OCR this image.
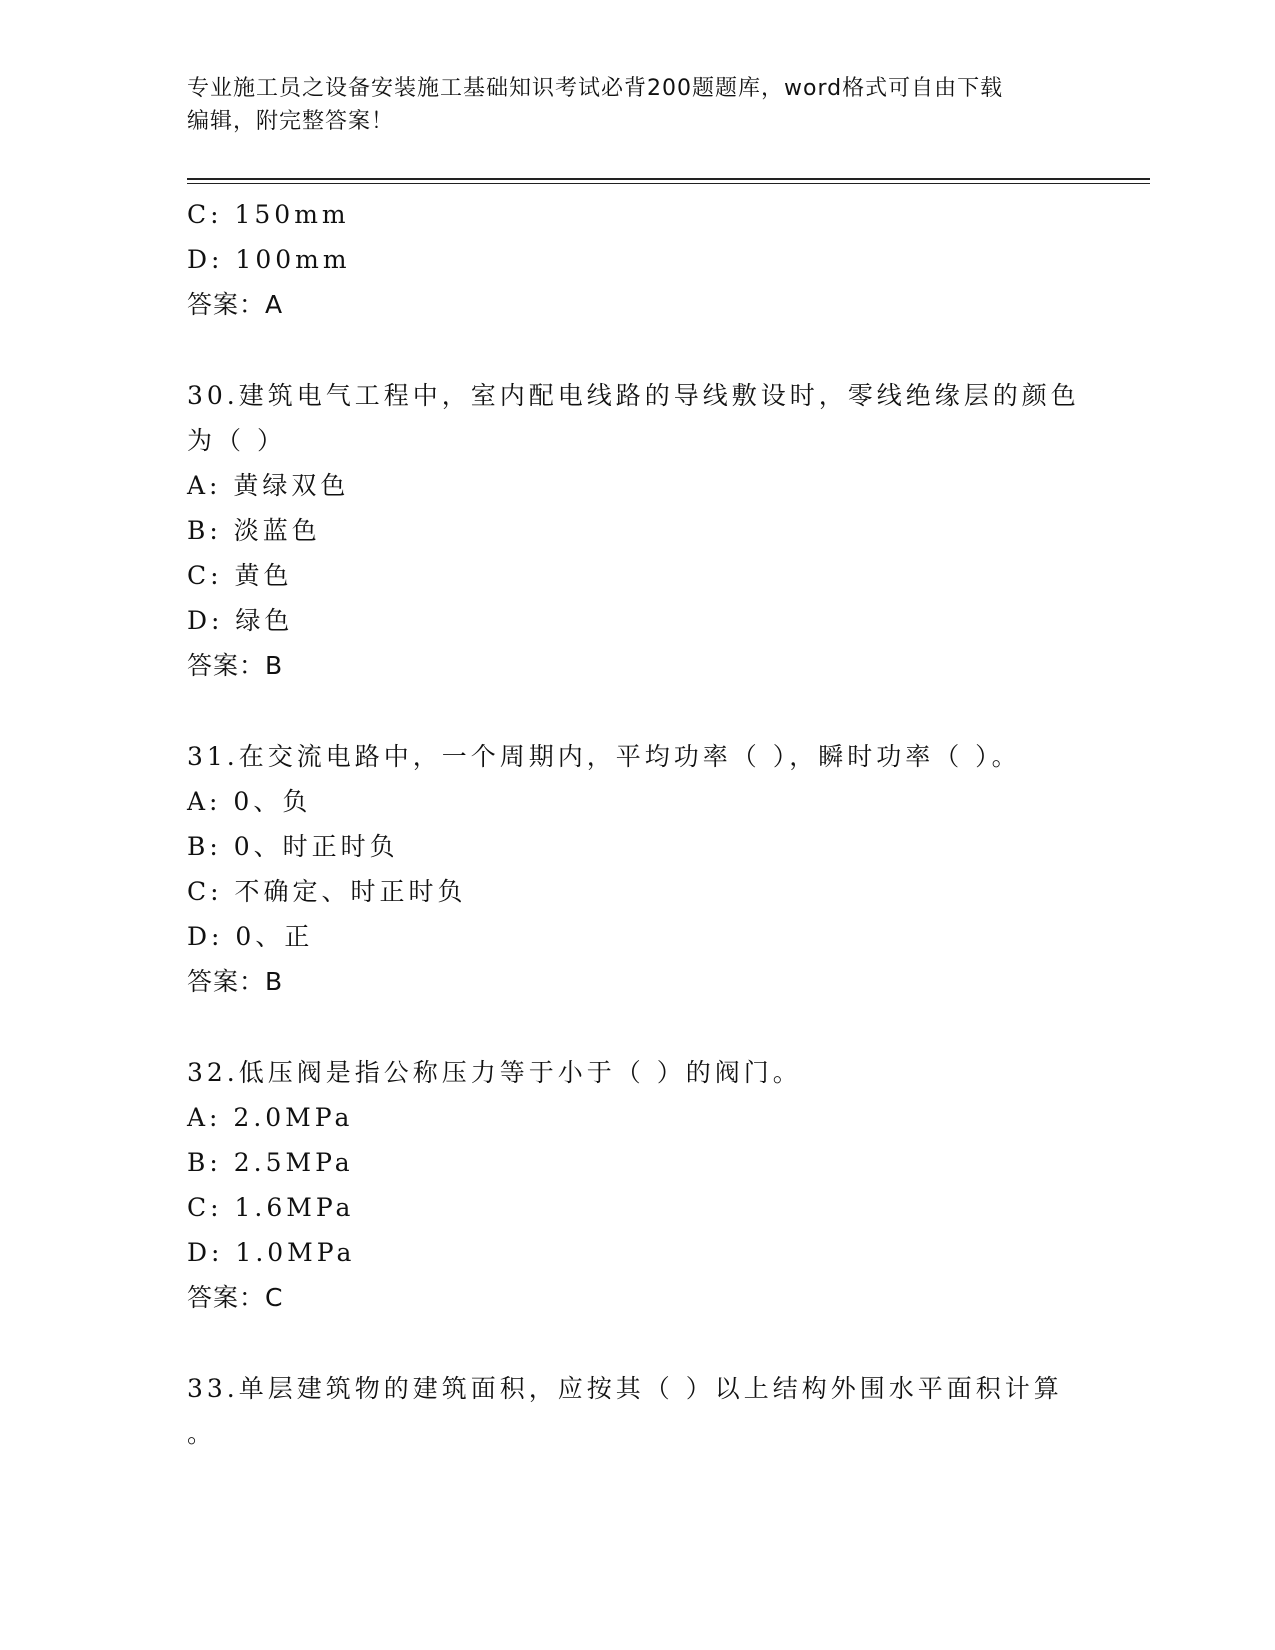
专业施工员之设备安装施工基础知识考试必背200题题库，word格式可自由下载
编辑，附完整答案！
C: 150mm
D: 100mm
答案：A
30.建筑电气工程中，室内配电线路的导线敷设时，零线绝缘层的颜色
为（ ）
A: 黄绿双色
B: 淡蓝色
C: 黄色
D: 绿色
答案：B
31.在交流电路中，一个周期内，平均功率（ ），瞬时功率（ ）。
A: 0、负
B: 0、时正时负
C: 不确定、时正时负
D: 0、正
答案：B
32.低压阀是指公称压力等于小于（ ）的阀门。
A: 2.0MPa
B: 2.5MPa
C: 1.6MPa
D: 1.0MPa
答案：C
33.单层建筑物的建筑面积，应按其（ ）以上结构外围水平面积计算
。
